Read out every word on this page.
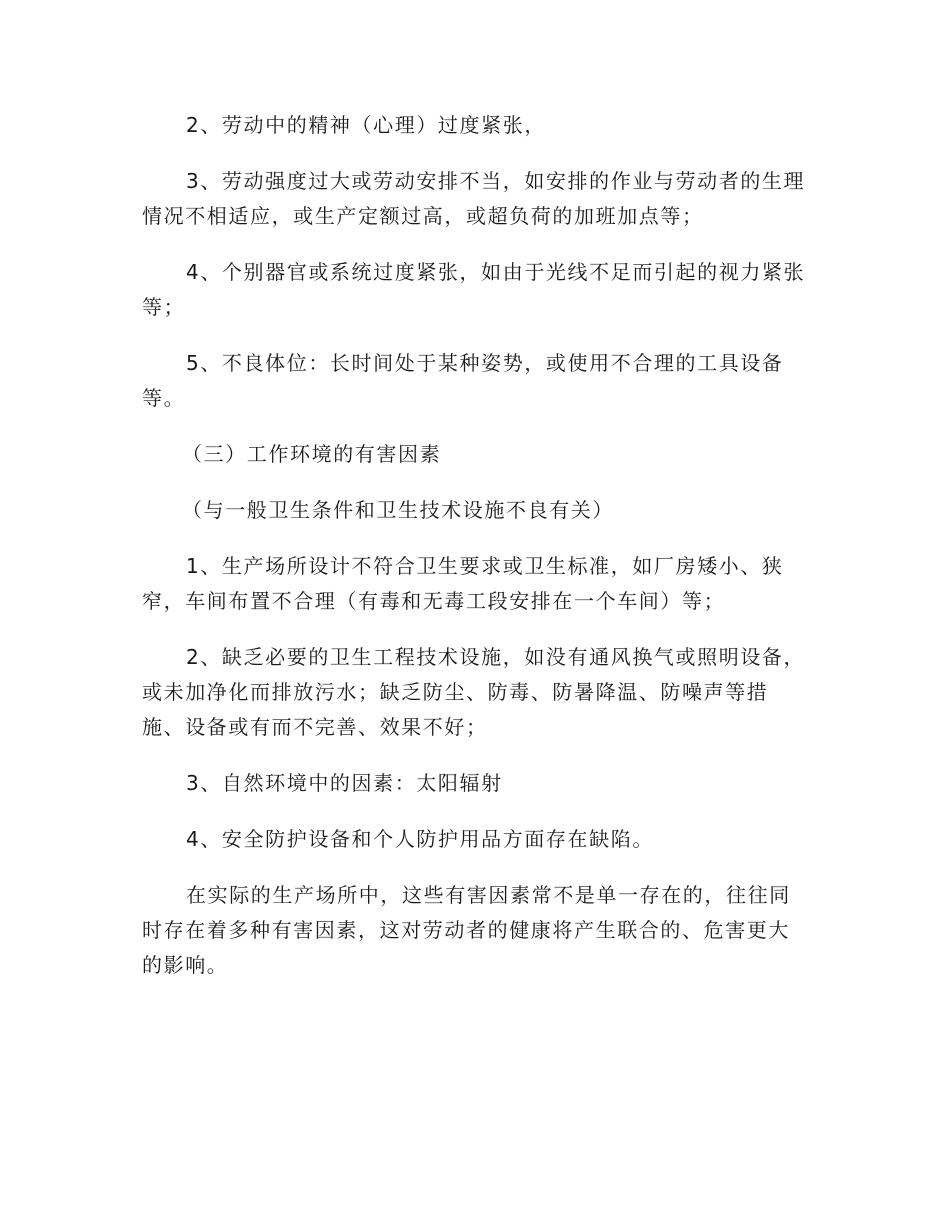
2、劳动中的精神（心理）过度紧张，

3、劳动强度过大或劳动安排不当，如安排的作业与劳动者的生理
情况不相适应，或生产定额过高，或超负荷的加班加点等；

4、个别器官或系统过度紧张，如由于光线不足而引起的视力紧张
等；

5、不良体位：长时间处于某种姿势，或使用不合理的工具设备
等。

（三）工作环境的有害因素

（与一般卫生条件和卫生技术设施不良有关）

1、生产场所设计不符合卫生要求或卫生标准，如厂房矮小、狭
窄，车间布置不合理（有毒和无毒工段安排在一个车间）等；

2、缺乏必要的卫生工程技术设施，如没有通风换气或照明设备，
或未加净化而排放污水；缺乏防尘、防毒、防暑降温、防噪声等措
施、设备或有而不完善、效果不好；

3、自然环境中的因素：太阳辐射

4、安全防护设备和个人防护用品方面存在缺陷。

在实际的生产场所中，这些有害因素常不是单一存在的，往往同
时存在着多种有害因素，这对劳动者的健康将产生联合的、危害更大
的影响。
